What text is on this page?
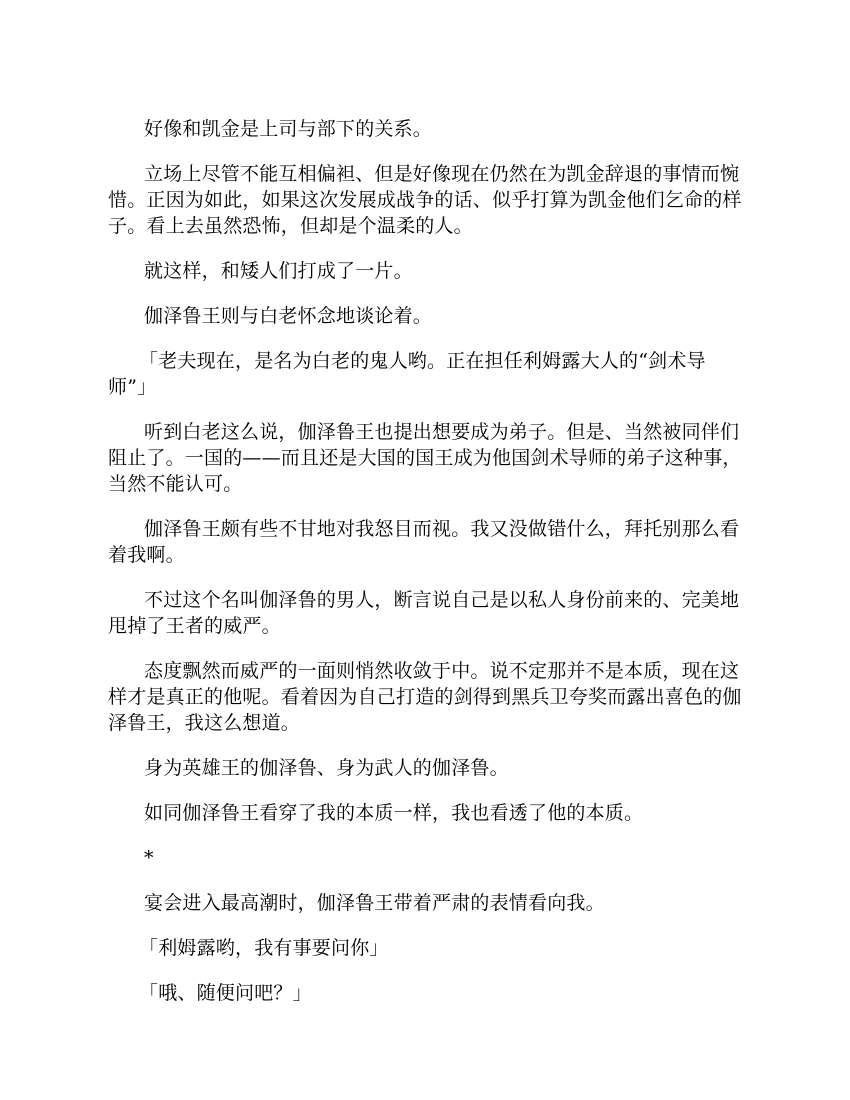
好像和凯金是上司与部下的关系。

立场上尽管不能互相偏袒、但是好像现在仍然在为凯金辞退的事情而惋惜。正因为如此，如果这次发展成战争的话、似乎打算为凯金他们乞命的样子。看上去虽然恐怖，但却是个温柔的人。

就这样，和矮人们打成了一片。

伽泽鲁王则与白老怀念地谈论着。

「老夫现在，是名为白老的鬼人哟。正在担任利姆露大人的“剑术导师”」

听到白老这么说，伽泽鲁王也提出想要成为弟子。但是、当然被同伴们阻止了。一国的——而且还是大国的国王成为他国剑术导师的弟子这种事，当然不能认可。

伽泽鲁王颇有些不甘地对我怒目而视。我又没做错什么，拜托别那么看着我啊。

不过这个名叫伽泽鲁的男人，断言说自己是以私人身份前来的、完美地甩掉了王者的威严。

态度飘然而威严的一面则悄然收敛于中。说不定那并不是本质，现在这样才是真正的他呢。看着因为自己打造的剑得到黑兵卫夸奖而露出喜色的伽泽鲁王，我这么想道。

身为英雄王的伽泽鲁、身为武人的伽泽鲁。

如同伽泽鲁王看穿了我的本质一样，我也看透了他的本质。

*

宴会进入最高潮时，伽泽鲁王带着严肃的表情看向我。

「利姆露哟，我有事要问你」

「哦、随便问吧？」
